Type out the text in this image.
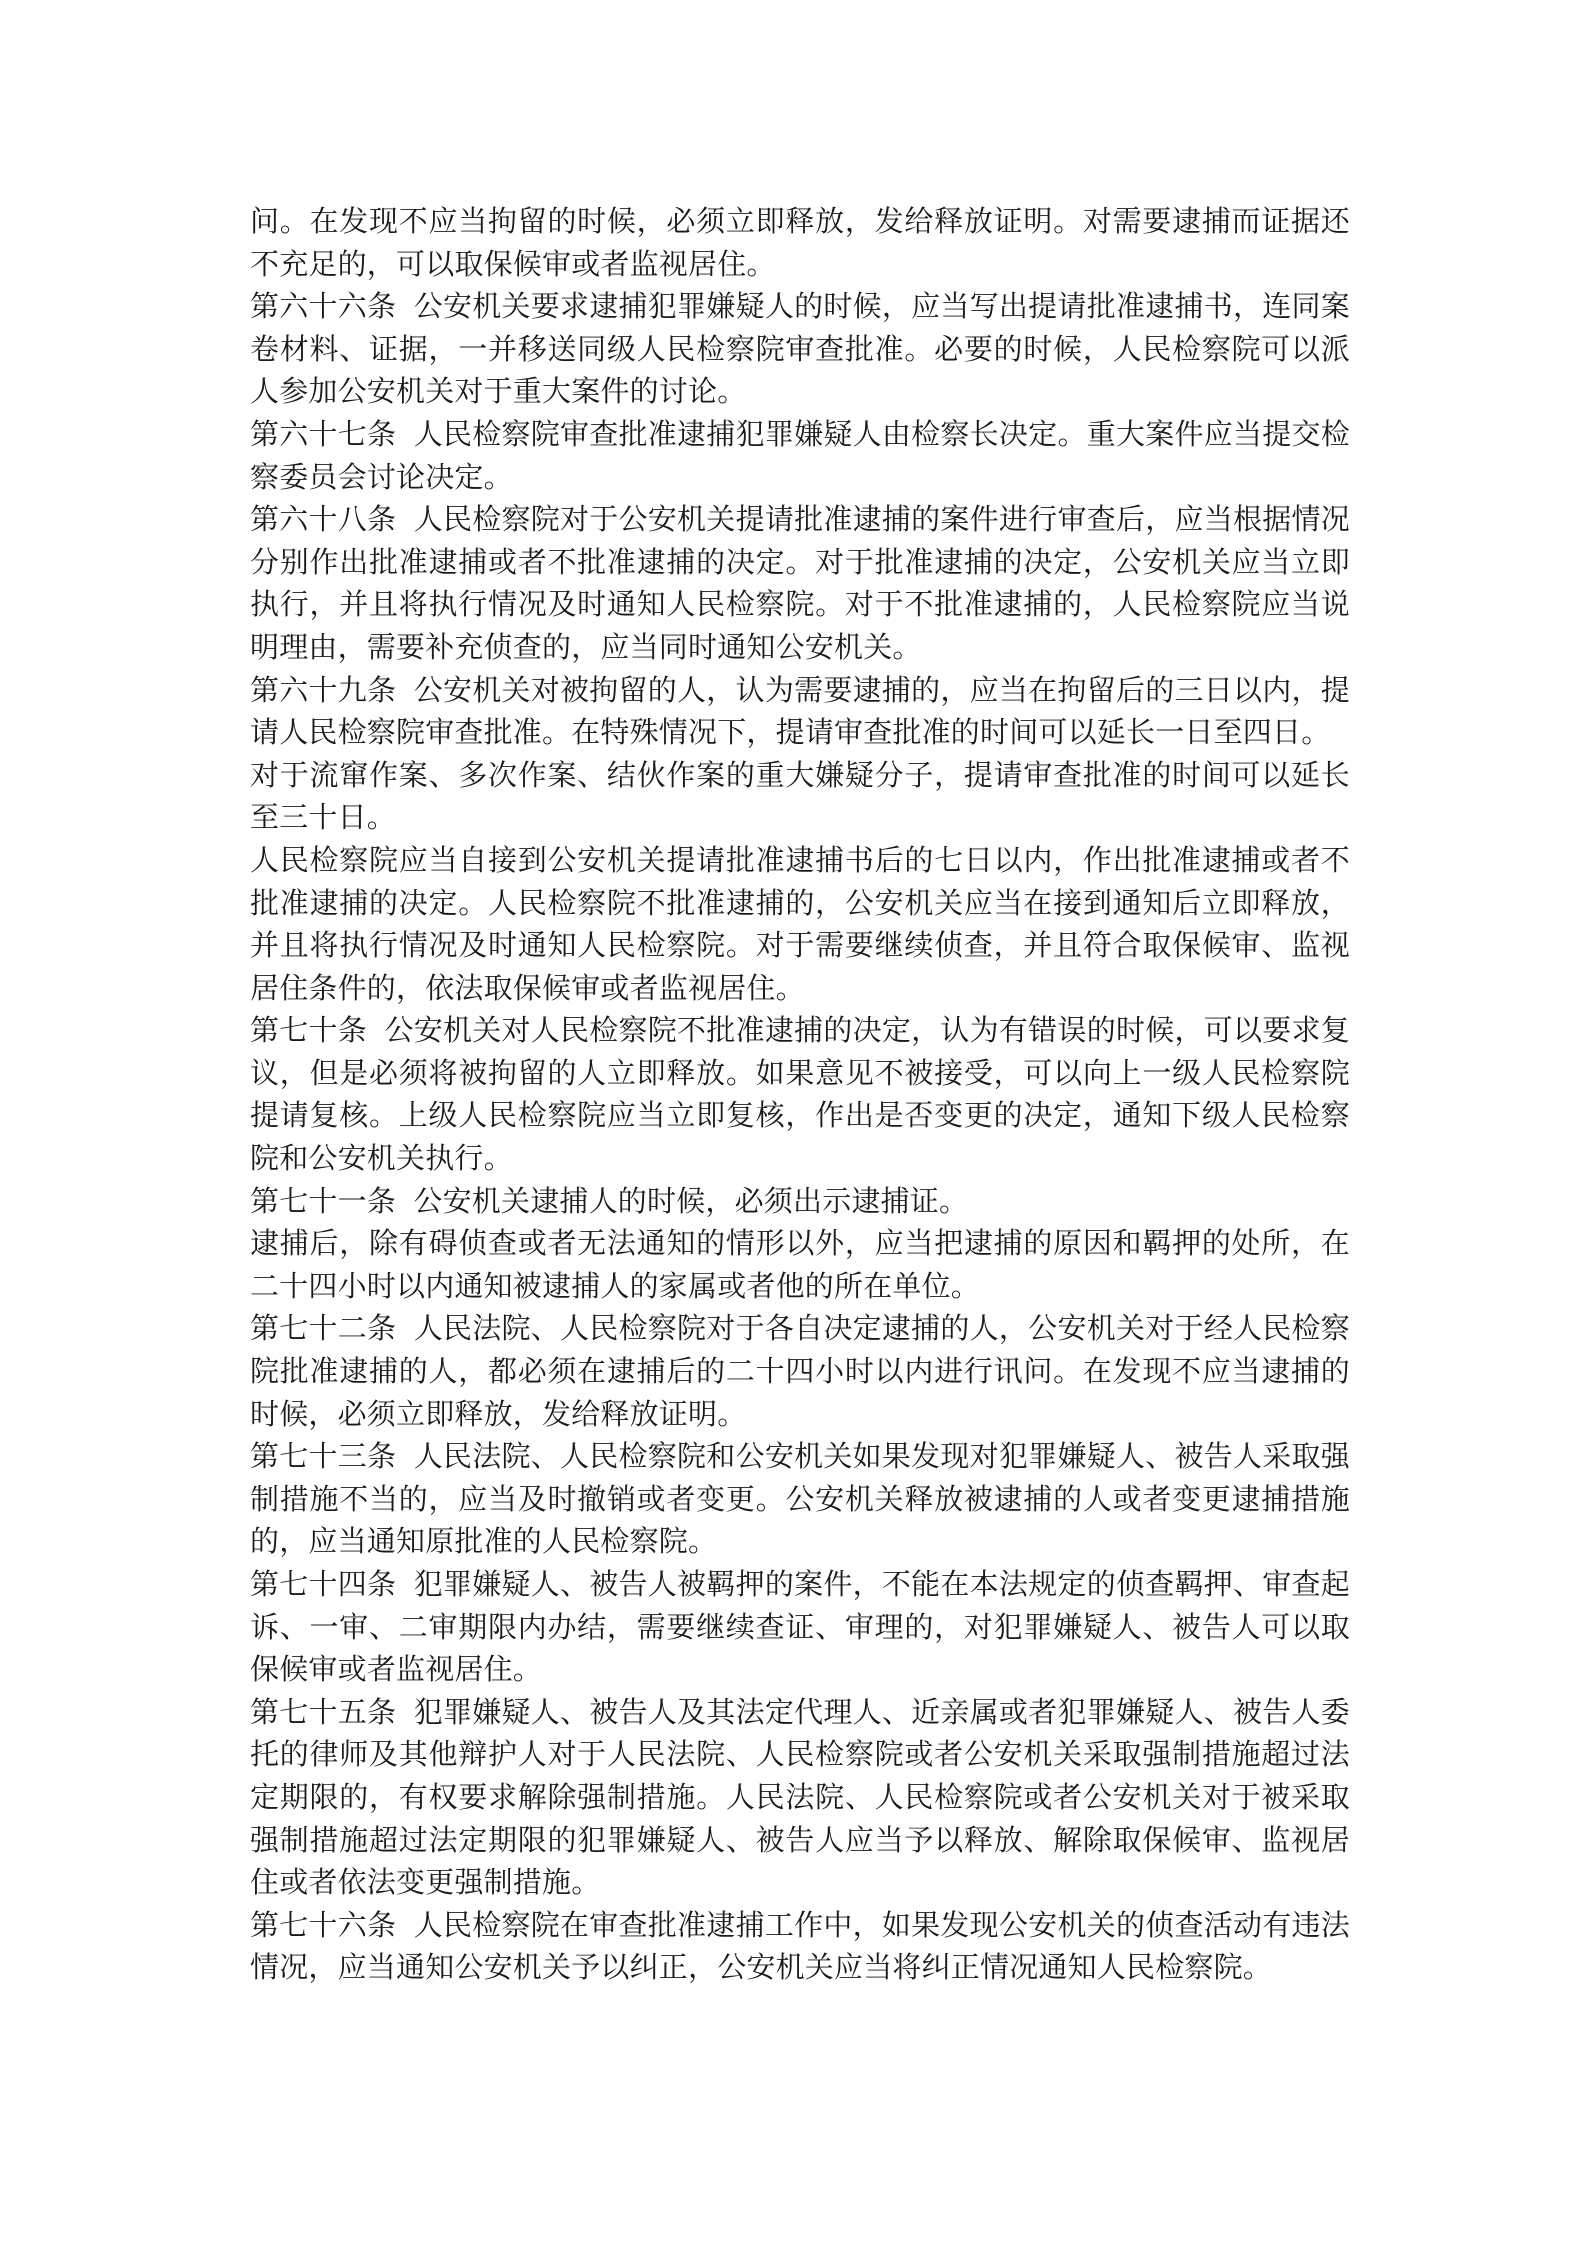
问。在发现不应当拘留的时候，必须立即释放，发给释放证明。对需要逮捕而证据还不充足的，可以取保候审或者监视居住。

第六十六条 公安机关要求逮捕犯罪嫌疑人的时候，应当写出提请批准逮捕书，连同案卷材料、证据，一并移送同级人民检察院审查批准。必要的时候，人民检察院可以派人参加公安机关对于重大案件的讨论。

第六十七条 人民检察院审查批准逮捕犯罪嫌疑人由检察长决定。重大案件应当提交检察委员会讨论决定。

第六十八条 人民检察院对于公安机关提请批准逮捕的案件进行审查后，应当根据情况分别作出批准逮捕或者不批准逮捕的决定。对于批准逮捕的决定，公安机关应当立即执行，并且将执行情况及时通知人民检察院。对于不批准逮捕的，人民检察院应当说明理由，需要补充侦查的，应当同时通知公安机关。

第六十九条 公安机关对被拘留的人，认为需要逮捕的，应当在拘留后的三日以内，提请人民检察院审查批准。在特殊情况下，提请审查批准的时间可以延长一日至四日。

对于流窜作案、多次作案、结伙作案的重大嫌疑分子，提请审查批准的时间可以延长至三十日。

人民检察院应当自接到公安机关提请批准逮捕书后的七日以内，作出批准逮捕或者不批准逮捕的决定。人民检察院不批准逮捕的，公安机关应当在接到通知后立即释放，并且将执行情况及时通知人民检察院。对于需要继续侦查，并且符合取保候审、监视居住条件的，依法取保候审或者监视居住。

第七十条 公安机关对人民检察院不批准逮捕的决定，认为有错误的时候，可以要求复议，但是必须将被拘留的人立即释放。如果意见不被接受，可以向上一级人民检察院提请复核。上级人民检察院应当立即复核，作出是否变更的决定，通知下级人民检察院和公安机关执行。

第七十一条 公安机关逮捕人的时候，必须出示逮捕证。

逮捕后，除有碍侦查或者无法通知的情形以外，应当把逮捕的原因和羁押的处所，在二十四小时以内通知被逮捕人的家属或者他的所在单位。

第七十二条 人民法院、人民检察院对于各自决定逮捕的人，公安机关对于经人民检察院批准逮捕的人，都必须在逮捕后的二十四小时以内进行讯问。在发现不应当逮捕的时候，必须立即释放，发给释放证明。

第七十三条 人民法院、人民检察院和公安机关如果发现对犯罪嫌疑人、被告人采取强制措施不当的，应当及时撤销或者变更。公安机关释放被逮捕的人或者变更逮捕措施的，应当通知原批准的人民检察院。

第七十四条 犯罪嫌疑人、被告人被羁押的案件，不能在本法规定的侦查羁押、审查起诉、一审、二审期限内办结，需要继续查证、审理的，对犯罪嫌疑人、被告人可以取保候审或者监视居住。

第七十五条 犯罪嫌疑人、被告人及其法定代理人、近亲属或者犯罪嫌疑人、被告人委托的律师及其他辩护人对于人民法院、人民检察院或者公安机关采取强制措施超过法定期限的，有权要求解除强制措施。人民法院、人民检察院或者公安机关对于被采取强制措施超过法定期限的犯罪嫌疑人、被告人应当予以释放、解除取保候审、监视居住或者依法变更强制措施。

第七十六条 人民检察院在审查批准逮捕工作中，如果发现公安机关的侦查活动有违法情况，应当通知公安机关予以纠正，公安机关应当将纠正情况通知人民检察院。
